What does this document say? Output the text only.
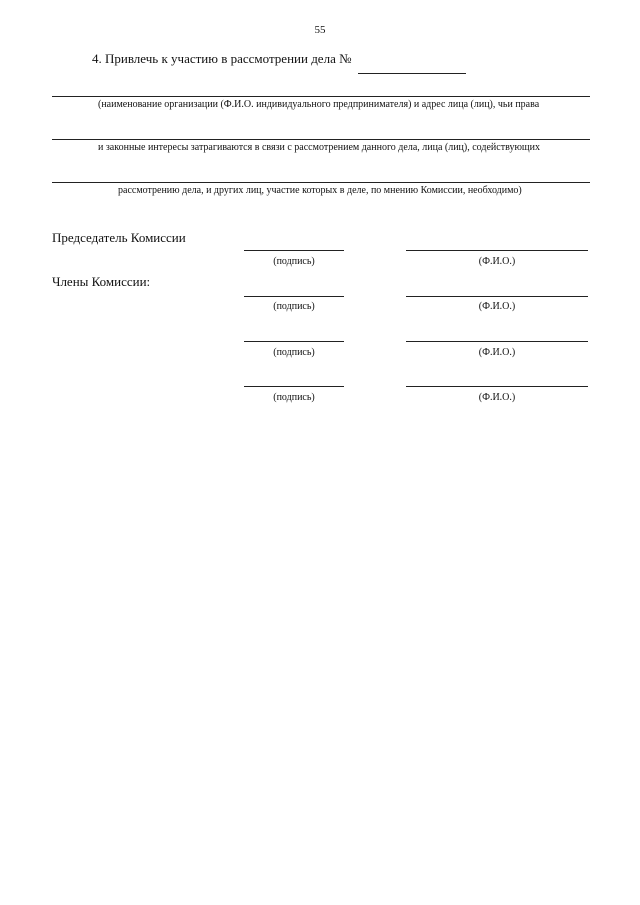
55
4. Привлечь к участию в рассмотрении дела №
(наименование организации (Ф.И.О. индивидуального предпринимателя) и адрес лица (лиц), чьи права
и законные интересы затрагиваются в связи с рассмотрением данного дела, лица (лиц), содействующих
рассмотрению дела, и других лиц, участие которых в деле, по мнению Комиссии, необходимо)
Председатель Комиссии
(подпись)	(Ф.И.О.)
Члены Комиссии:
(подпись)	(Ф.И.О.)
(подпись)	(Ф.И.О.)
(подпись)	(Ф.И.О.)
